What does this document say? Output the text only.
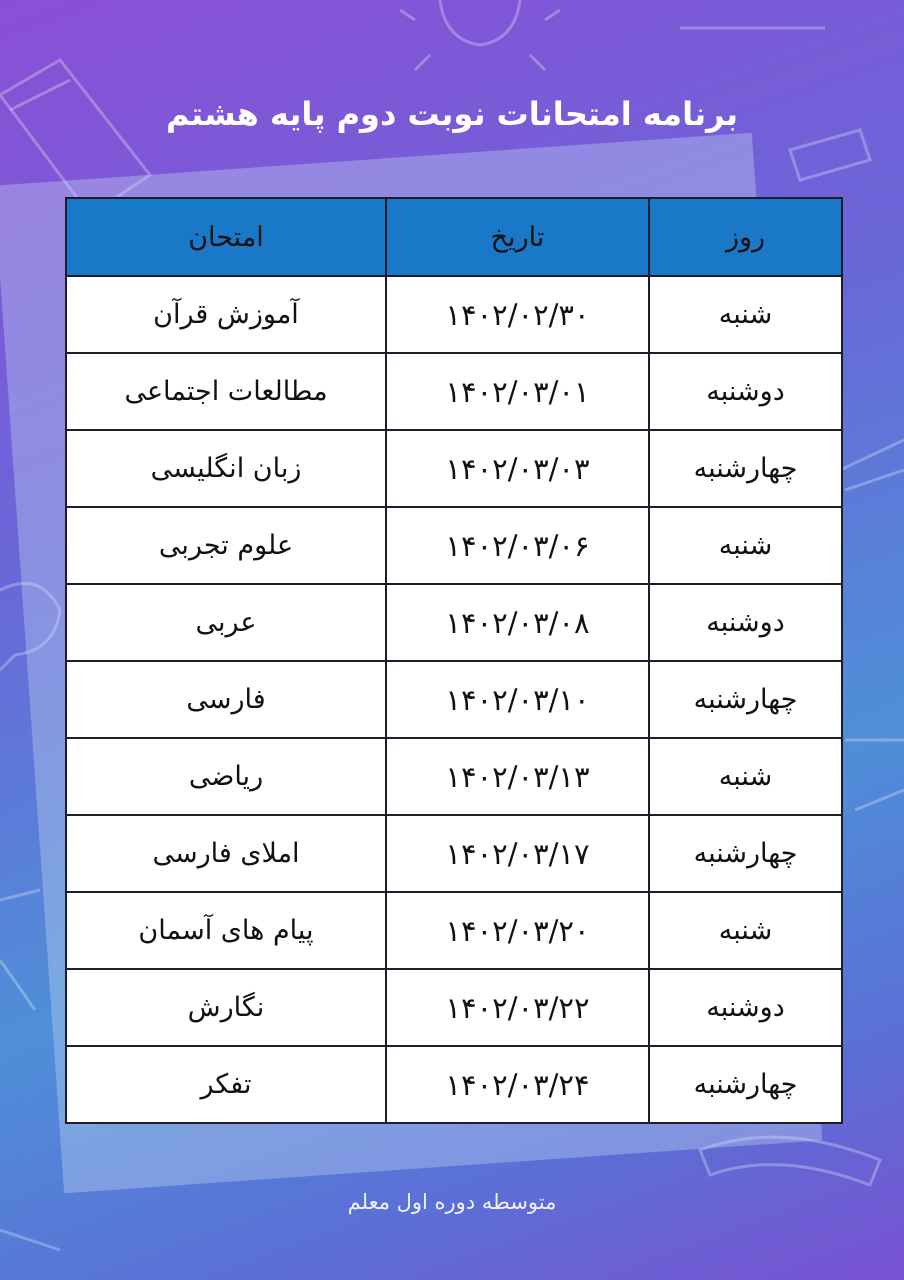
برنامه امتحانات نوبت دوم پایه هشتم
روز	تاریخ	امتحان
شنبه	۱۴۰۲/۰۲/۳۰	آموزش قرآن
دوشنبه	۱۴۰۲/۰۳/۰۱	مطالعات اجتماعی
چهارشنبه	۱۴۰۲/۰۳/۰۳	زبان انگلیسی
شنبه	۱۴۰۲/۰۳/۰۶	علوم تجربی
دوشنبه	۱۴۰۲/۰۳/۰۸	عربی
چهارشنبه	۱۴۰۲/۰۳/۱۰	فارسی
شنبه	۱۴۰۲/۰۳/۱۳	ریاضی
چهارشنبه	۱۴۰۲/۰۳/۱۷	املای فارسی
شنبه	۱۴۰۲/۰۳/۲۰	پیام های آسمان
دوشنبه	۱۴۰۲/۰۳/۲۲	نگارش
چهارشنبه	۱۴۰۲/۰۳/۲۴	تفکر
متوسطه دوره اول معلم
